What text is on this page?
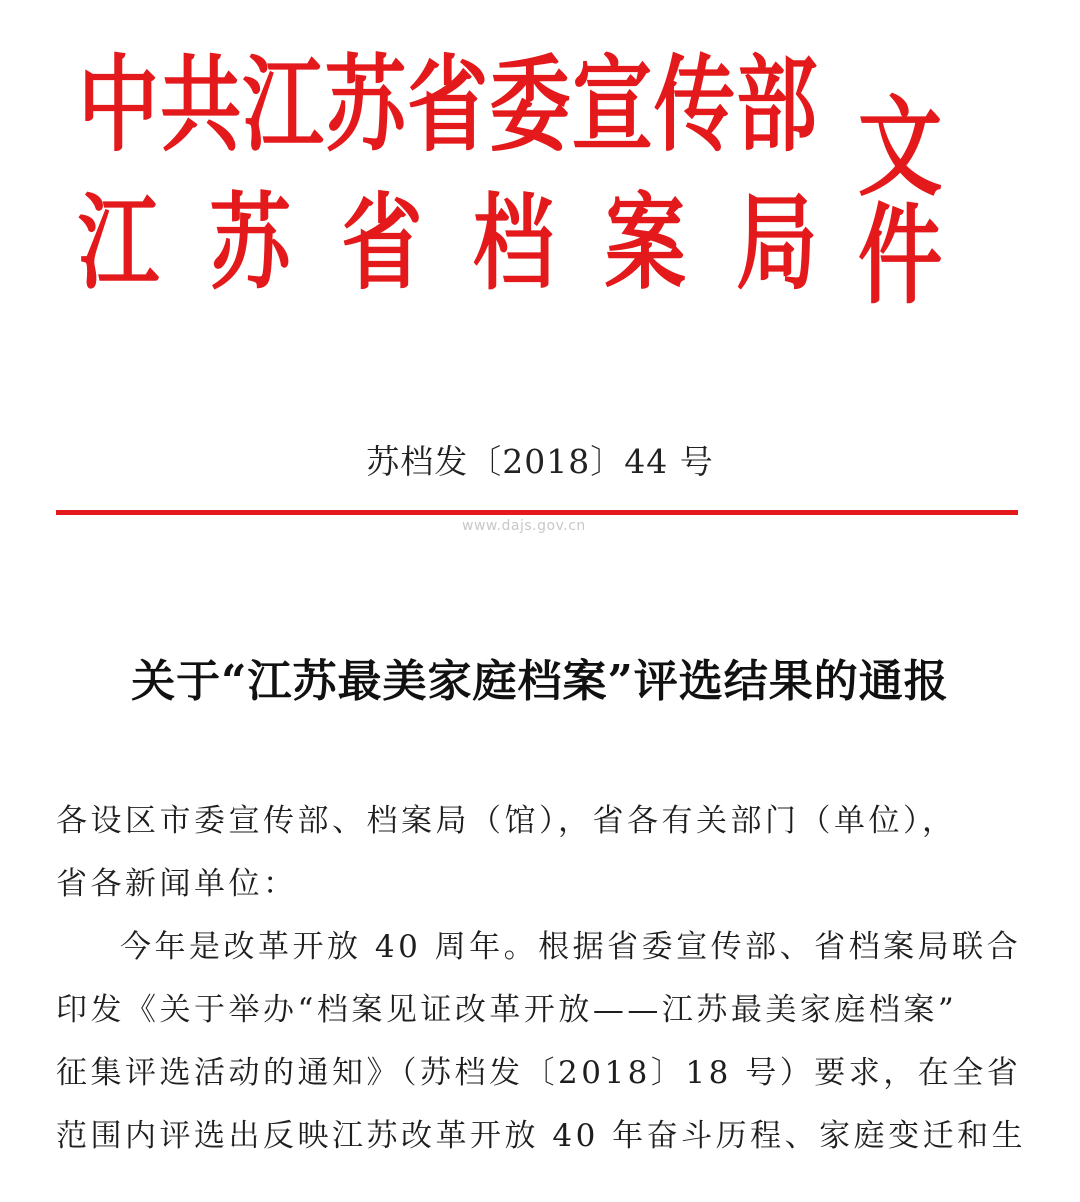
中 共 江 苏 省 委 宣 传 部
江 苏 省 档 案 局
文件
苏档发〔2018〕44 号
www.dajs.gov.cn
关于“江苏最美家庭档案”评选结果的通报

各设区市委宣传部、档案局（馆），省各有关部门（单位），

省各新闻单位：

今年是改革开放 40 周年。根据省委宣传部、省档案局联合

印发《关于举办“档案见证改革开放——江苏最美家庭档案”

征集评选活动的通知》（苏档发〔2018〕18 号）要求，在全省

范围内评选出反映江苏改革开放 40 年奋斗历程、家庭变迁和生
